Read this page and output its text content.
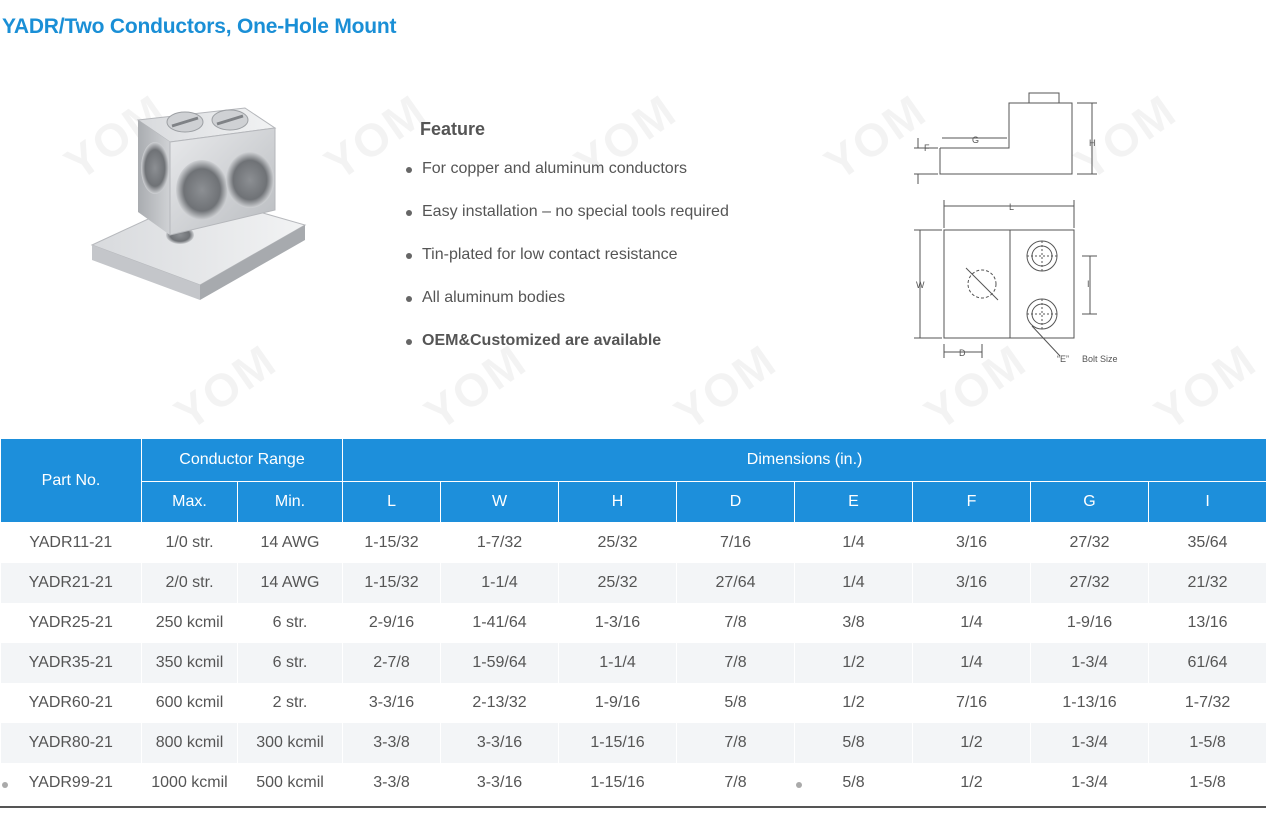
YADR/Two Conductors, One-Hole Mount
Feature
For copper and aluminum conductors
Easy installation – no special tools required
Tin-plated for low contact resistance
All aluminum bodies
OEM&Customized are available
F
G	H
L
W	I
D
“E” Bolt Size
Part No.	Conductor Range		Dimensions (in.)							
	Max.	Min.	L	W	H	D	E	F	G	I
YADR11-21	1/0 str.	14 AWG	1-15/32	1-7/32	25/32	7/16	1/4	3/16	27/32	35/64
YADR21-21	2/0 str.	14 AWG	1-15/32	1-1/4	25/32	27/64	1/4	3/16	27/32	21/32
YADR25-21	250 kcmil	6 str.	2-9/16	1-41/64	1-3/16	7/8	3/8	1/4	1-9/16	13/16
YADR35-21	350 kcmil	6 str.	2-7/8	1-59/64	1-1/4	7/8	1/2	1/4	1-3/4	61/64
YADR60-21	600 kcmil	2 str.	3-3/16	2-13/32	1-9/16	5/8	1/2	7/16	1-13/16	1-7/32
YADR80-21	800 kcmil	300 kcmil	3-3/8	3-3/16	1-15/16	7/8	5/8	1/2	1-3/4	1-5/8
YADR99-21	1000 kcmil	500 kcmil	3-3/8	3-3/16	1-15/16	7/8	5/8	1/2	1-3/4	1-5/8
